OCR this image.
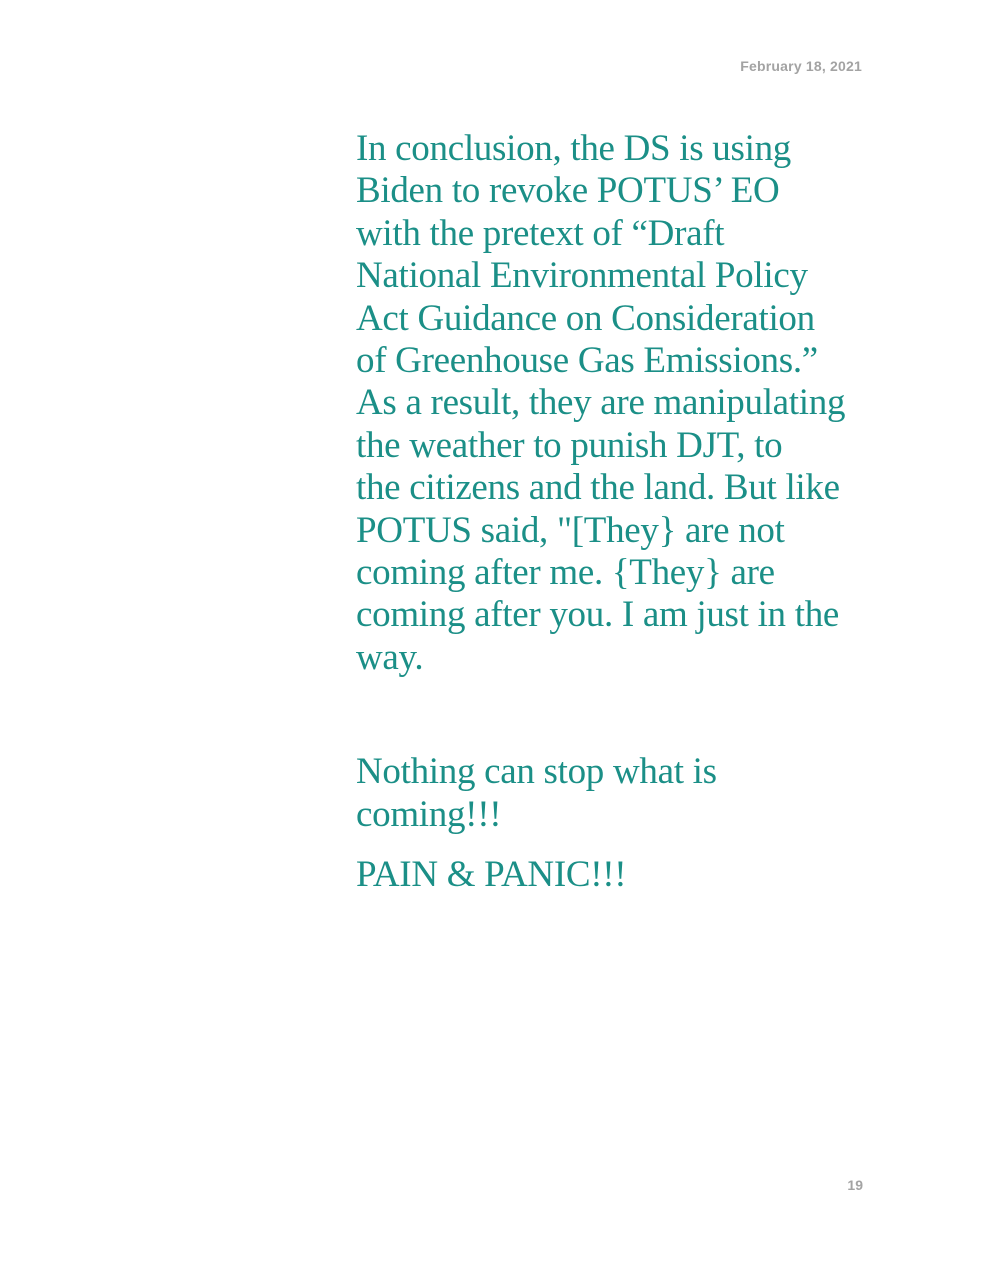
February 18, 2021

In conclusion, the DS is using
Biden to revoke POTUS’ EO
with the pretext of “Draft
National Environmental Policy
Act Guidance on Consideration
of Greenhouse Gas Emissions.”
As a result, they are manipulating
the weather to punish DJT, to
the citizens and the land. But like
POTUS said, "[They} are not
coming after me. {They} are
coming after you. I am just in the
way.

Nothing can stop what is
coming!!!

PAIN & PANIC!!!

19
